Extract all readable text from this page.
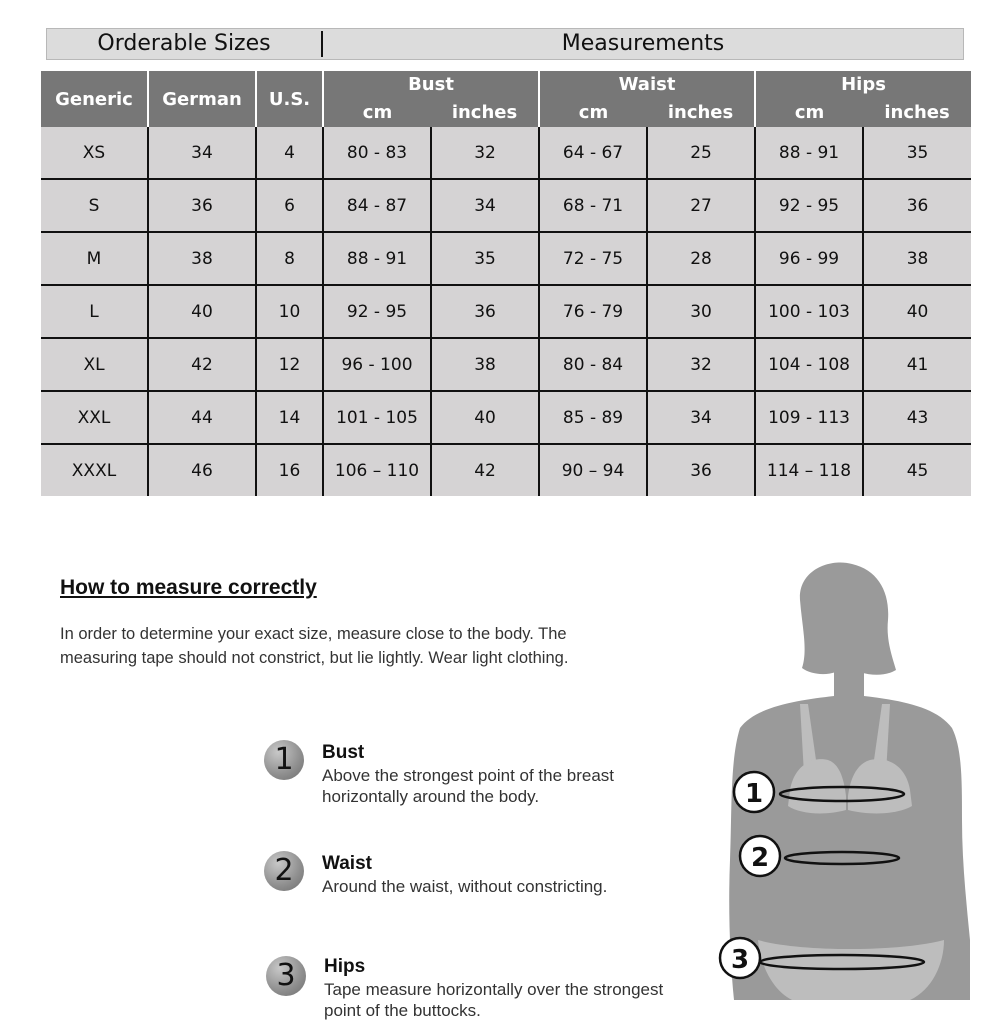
Orderable Sizes	Measurements
Generic	German	U.S.	Bust		Waist		Hips	
			cm	inches	cm	inches	cm	inches
XS	34	4	80 - 83	32	64 - 67	25	88 - 91	35
S	36	6	84 - 87	34	68 - 71	27	92 - 95	36
M	38	8	88 - 91	35	72 - 75	28	96 - 99	38
L	40	10	92 - 95	36	76 - 79	30	100 - 103	40
XL	42	12	96 - 100	38	80 - 84	32	104 - 108	41
XXL	44	14	101 - 105	40	85 - 89	34	109 - 113	43
XXXL	46	16	106 – 110	42	90 – 94	36	114 – 118	45
How to measure correctly
In order to determine your exact size, measure close to the body. The measuring tape should not constrict, but lie lightly. Wear light clothing.
1	Bust
Above the strongest point of the breast horizontally around the body.
2	Waist
Around the waist, without constricting.
3	Hips
Tape measure horizontally over the strongest point of the buttocks.
1
2
3
